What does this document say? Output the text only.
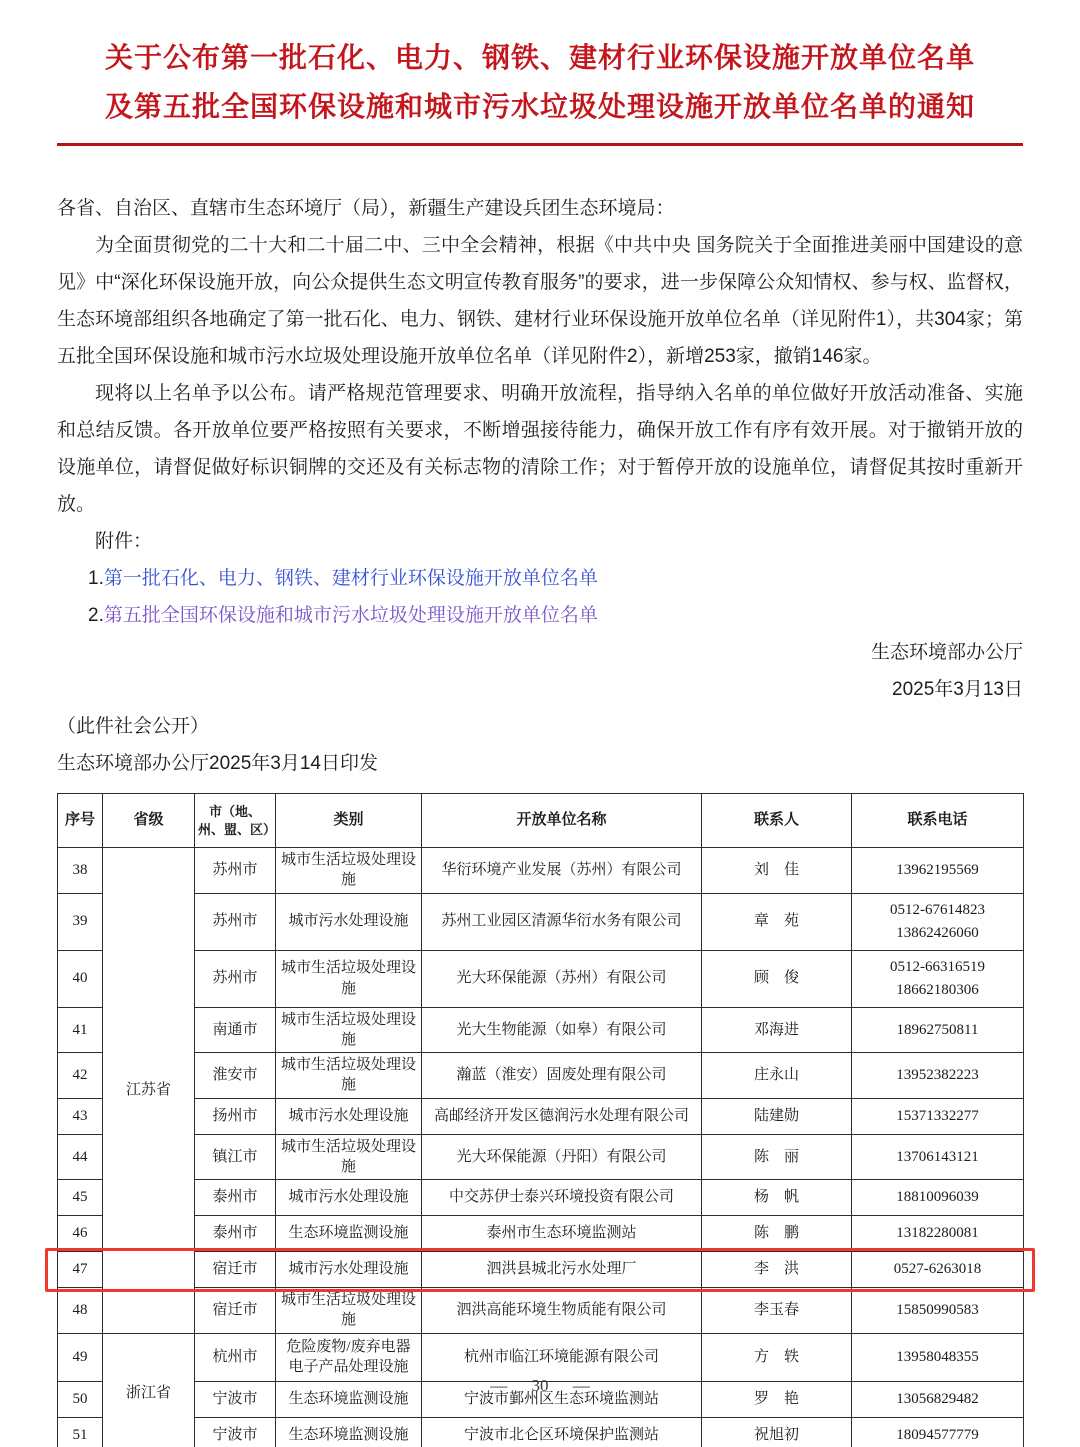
关于公布第一批石化、电力、钢铁、建材行业环保设施开放单位名单
及第五批全国环保设施和城市污水垃圾处理设施开放单位名单的通知

各省、自治区、直辖市生态环境厅（局），新疆生产建设兵团生态环境局：

为全面贯彻党的二十大和二十届二中、三中全会精神，根据《中共中央 国务院关于全面推进美丽中国建设的意见》中“深化环保设施开放，向公众提供生态文明宣传教育服务”的要求，进一步保障公众知情权、参与权、监督权，生态环境部组织各地确定了第一批石化、电力、钢铁、建材行业环保设施开放单位名单（详见附件1），共304家；第五批全国环保设施和城市污水垃圾处理设施开放单位名单（详见附件2），新增253家，撤销146家。

现将以上名单予以公布。请严格规范管理要求、明确开放流程，指导纳入名单的单位做好开放活动准备、实施和总结反馈。各开放单位要严格按照有关要求，不断增强接待能力，确保开放工作有序有效开展。对于撤销开放的设施单位，请督促做好标识铜牌的交还及有关标志物的清除工作；对于暂停开放的设施单位，请督促其按时重新开放。

附件：

1.第一批石化、电力、钢铁、建材行业环保设施开放单位名单

2.第五批全国环保设施和城市污水垃圾处理设施开放单位名单

生态环境部办公厅

2025年3月13日

（此件社会公开）

生态环境部办公厅2025年3月14日印发

序号	省级	市（地、州、盟、区）	类别	开放单位名称	联系人	联系电话
38	江苏省	苏州市	城市生活垃圾处理设施	华衍环境产业发展（苏州）有限公司	刘　佳	13962195569

39		苏州市	城市污水处理设施	苏州工业园区清源华衍水务有限公司	章　苑	0512-67614823
13862426060

40		苏州市	城市生活垃圾处理设施	光大环保能源（苏州）有限公司	顾　俊	0512-66316519
18662180306

41		南通市	城市生活垃圾处理设施	光大生物能源（如皋）有限公司	邓海进	18962750811

42		淮安市	城市生活垃圾处理设施	瀚蓝（淮安）固废处理有限公司	庄永山	13952382223

43		扬州市	城市污水处理设施	高邮经济开发区德润污水处理有限公司	陆建勋	15371332277

44		镇江市	城市生活垃圾处理设施	光大环保能源（丹阳）有限公司	陈　丽	13706143121

45		泰州市	城市污水处理设施	中交苏伊士泰兴环境投资有限公司	杨　帆	18810096039

46		泰州市	生态环境监测设施	泰州市生态环境监测站	陈　鹏	13182280081

47		宿迁市	城市污水处理设施	泗洪县城北污水处理厂	李　洪	0527-6263018

48		宿迁市	城市生活垃圾处理设施	泗洪高能环境生物质能有限公司	李玉春	15850990583

49	浙江省	杭州市	危险废物/废弃电器电子产品处理设施	杭州市临江环境能源有限公司	方　轶	13958048355

50		宁波市	生态环境监测设施	宁波市鄞州区生态环境监测站	罗　艳	13056829482

51		宁波市	生态环境监测设施	宁波市北仑区环境保护监测站	祝旭初	18094577779
— 30 —
